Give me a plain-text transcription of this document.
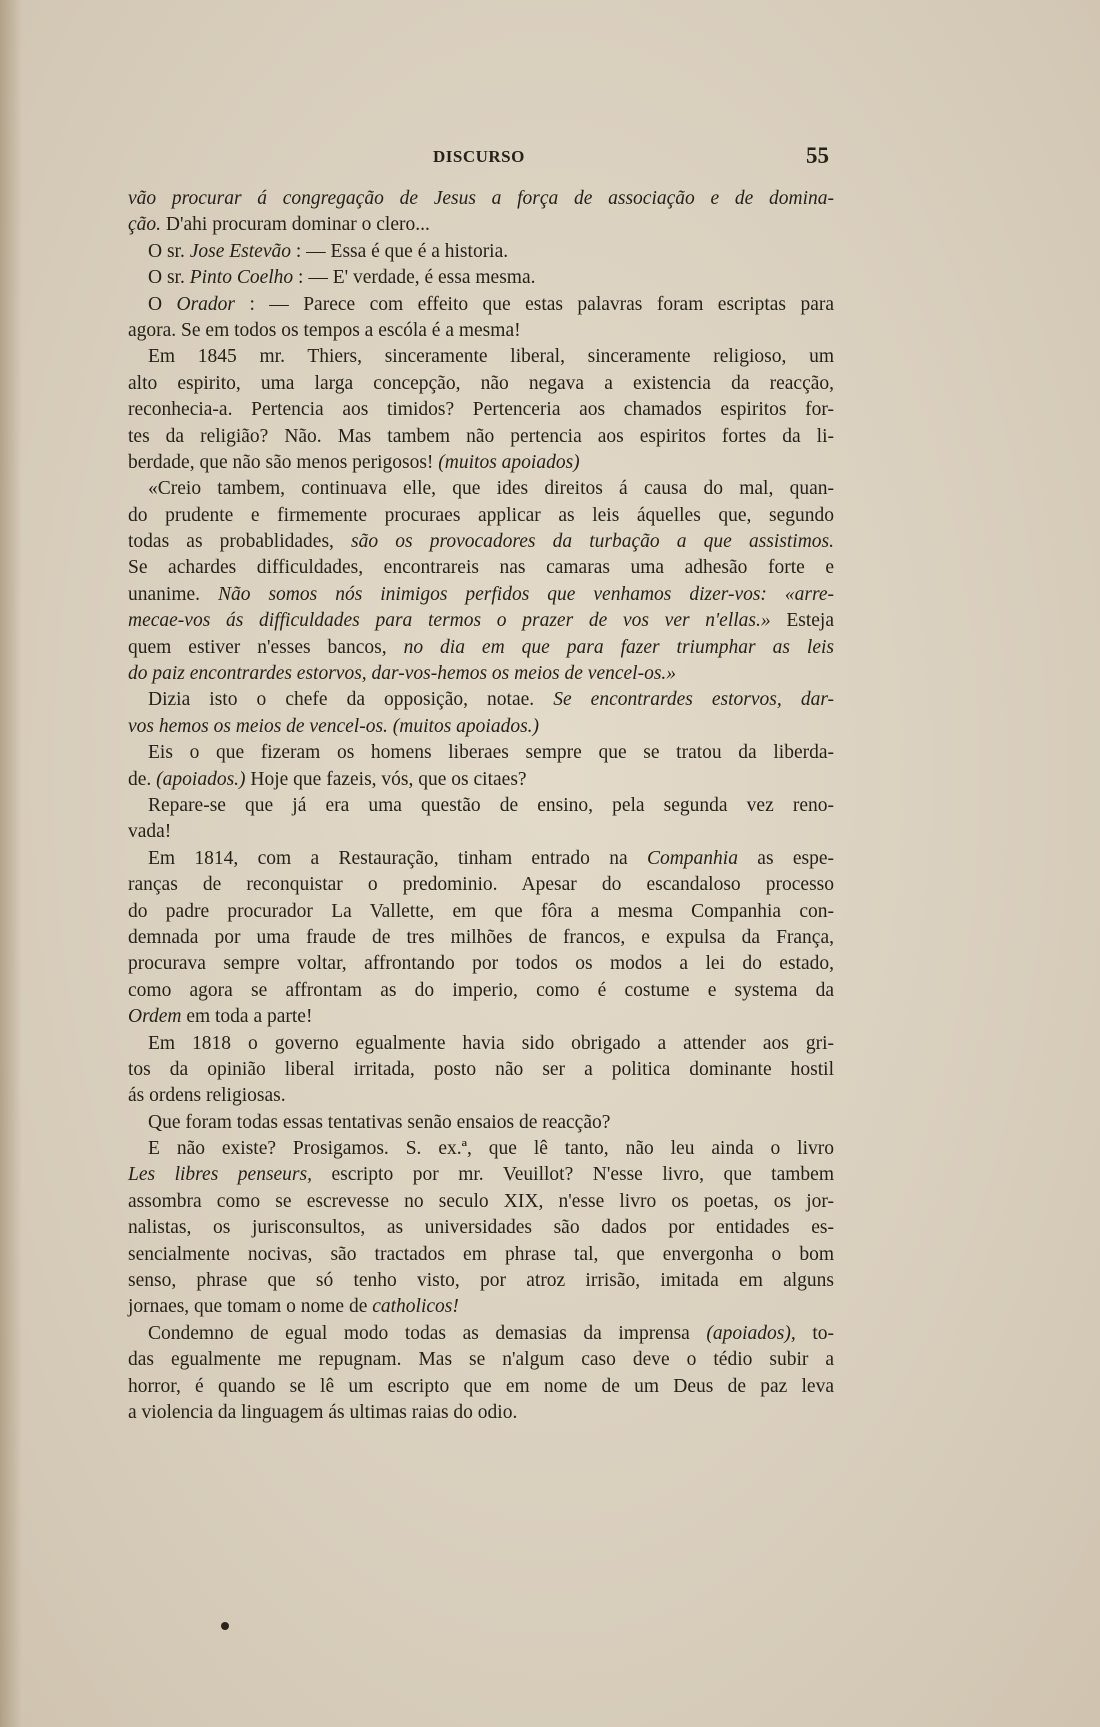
DISCURSO	55
vão procurar á congregação de Jesus a força de associação e de domina-
ção. D'ahi procuram dominar o clero...
O sr. Jose Estevão : — Essa é que é a historia.
O sr. Pinto Coelho : — E' verdade, é essa mesma.
O Orador : — Parece com effeito que estas palavras foram escriptas para
agora. Se em todos os tempos a escóla é a mesma!
Em 1845 mr. Thiers, sinceramente liberal, sinceramente religioso, um
alto espirito, uma larga concepção, não negava a existencia da reacção,
reconhecia-a. Pertencia aos timidos? Pertenceria aos chamados espiritos for-
tes da religião? Não. Mas tambem não pertencia aos espiritos fortes da li-
berdade, que não são menos perigosos! (muitos apoiados)
«Creio tambem, continuava elle, que ides direitos á causa do mal, quan-
do prudente e firmemente procuraes applicar as leis áquelles que, segundo
todas as probablidades, são os provocadores da turbação a que assistimos.
Se achardes difficuldades, encontrareis nas camaras uma adhesão forte e
unanime. Não somos nós inimigos perfidos que venhamos dizer-vos: «arre-
mecae-vos ás difficuldades para termos o prazer de vos ver n'ellas.» Esteja
quem estiver n'esses bancos, no dia em que para fazer triumphar as leis
do paiz encontrardes estorvos, dar-vos-hemos os meios de vencel-os.»
Dizia isto o chefe da opposição, notae. Se encontrardes estorvos, dar-
vos hemos os meios de vencel-os. (muitos apoiados.)
Eis o que fizeram os homens liberaes sempre que se tratou da liberda-
de. (apoiados.) Hoje que fazeis, vós, que os citaes?
Repare-se que já era uma questão de ensino, pela segunda vez reno-
vada!
Em 1814, com a Restauração, tinham entrado na Companhia as espe-
ranças de reconquistar o predominio. Apesar do escandaloso processo
do padre procurador La Vallette, em que fôra a mesma Companhia con-
demnada por uma fraude de tres milhões de francos, e expulsa da França,
procurava sempre voltar, affrontando por todos os modos a lei do estado,
como agora se affrontam as do imperio, como é costume e systema da
Ordem em toda a parte!
Em 1818 o governo egualmente havia sido obrigado a attender aos gri-
tos da opinião liberal irritada, posto não ser a politica dominante hostil
ás ordens religiosas.
Que foram todas essas tentativas senão ensaios de reacção?
E não existe? Prosigamos. S. ex.ª, que lê tanto, não leu ainda o livro
Les libres penseurs, escripto por mr. Veuillot? N'esse livro, que tambem
assombra como se escrevesse no seculo XIX, n'esse livro os poetas, os jor-
nalistas, os jurisconsultos, as universidades são dados por entidades es-
sencialmente nocivas, são tractados em phrase tal, que envergonha o bom
senso, phrase que só tenho visto, por atroz irrisão, imitada em alguns
jornaes, que tomam o nome de catholicos!
Condemno de egual modo todas as demasias da imprensa (apoiados), to-
das egualmente me repugnam. Mas se n'algum caso deve o tédio subir a
horror, é quando se lê um escripto que em nome de um Deus de paz leva
a violencia da linguagem ás ultimas raias do odio.
